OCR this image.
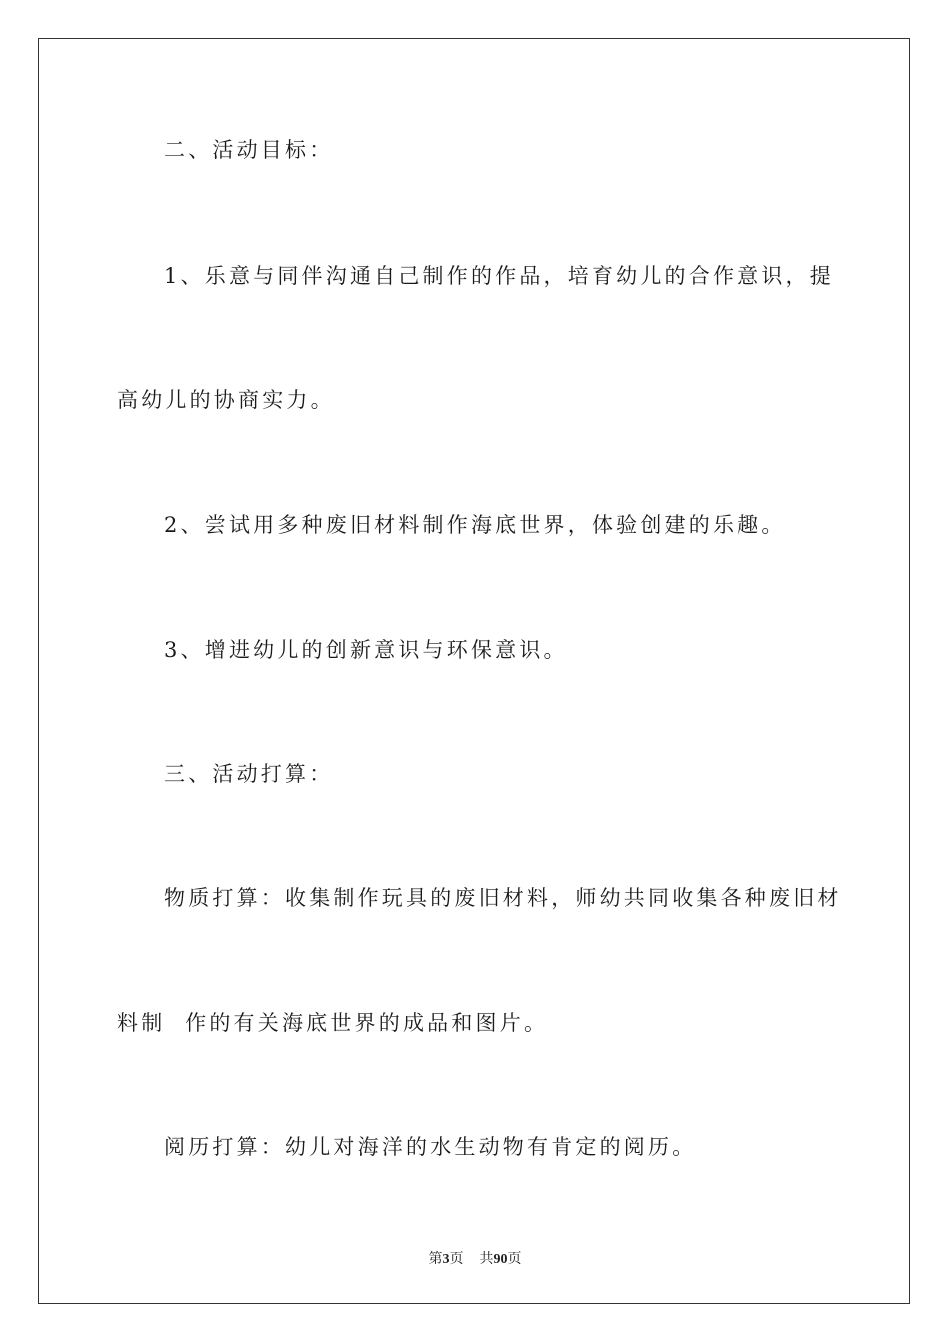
二、活动目标：
1、乐意与同伴沟通自己制作的作品，培育幼儿的合作意识，提
高幼儿的协商实力。
2、尝试用多种废旧材料制作海底世界，体验创建的乐趣。
3、增进幼儿的创新意识与环保意识。
三、活动打算：
物质打算：收集制作玩具的废旧材料，师幼共同收集各种废旧材
料制  作的有关海底世界的成品和图片。
阅历打算：幼儿对海洋的水生动物有肯定的阅历。
第3页 共90页
